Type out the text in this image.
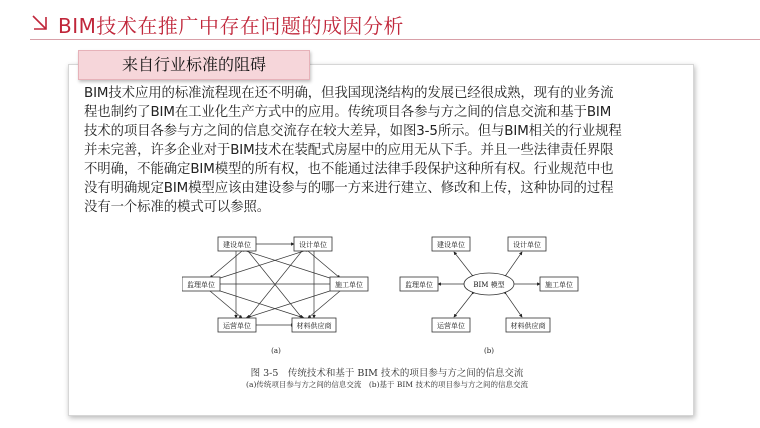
BIM技术在推广中存在问题的成因分析
来自行业标准的阻碍
BIM技术应用的标准流程现在还不明确，但我国现浇结构的发展已经很成熟，现有的业务流
程也制约了BIM在工业化生产方式中的应用。传统项目各参与方之间的信息交流和基于BIM
技术的项目各参与方之间的信息交流存在较大差异，如图3-5所示。但与BIM相关的行业规程
并未完善，许多企业对于BIM技术在装配式房屋中的应用无从下手。并且一些法律责任界限
不明确，不能确定BIM模型的所有权，也不能通过法律手段保护这种所有权。行业规范中也
没有明确规定BIM模型应该由建设参与的哪一方来进行建立、修改和上传，这种协同的过程
没有一个标准的模式可以参照。
建设单位	设计单位
监理单位	施工单位
运营单位	材料供应商
(a)
BIM 模型
建设单位	设计单位
监理单位	施工单位
运营单位	材料供应商
(b)
图 3-5　传统技术和基于 BIM 技术的项目参与方之间的信息交流
(a)传统项目参与方之间的信息交流　(b)基于 BIM 技术的项目参与方之间的信息交流
